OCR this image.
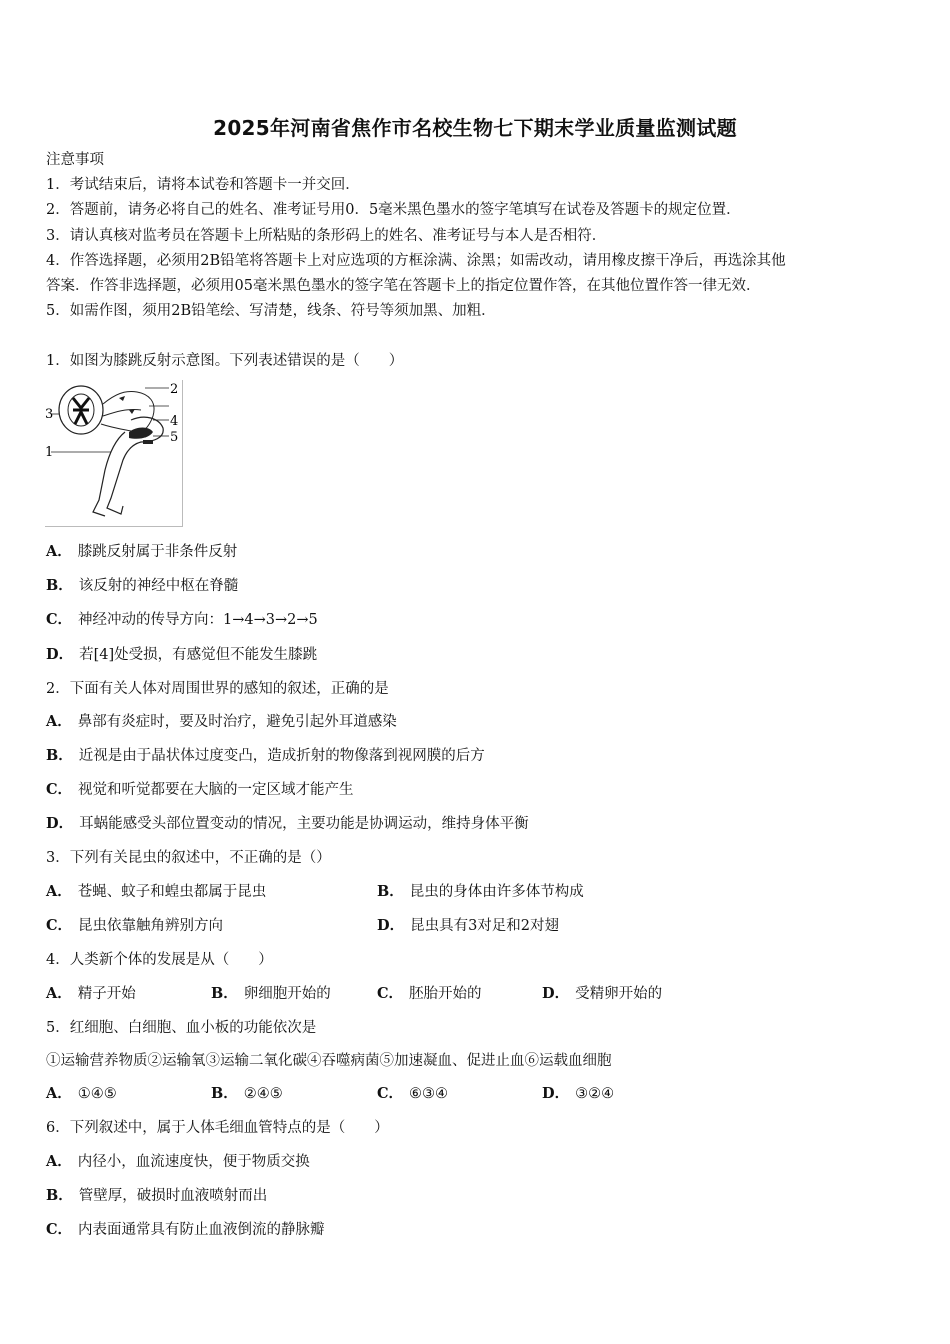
2025年河南省焦作市名校生物七下期末学业质量监测试题
注意事项
1．考试结束后，请将本试卷和答题卡一并交回．
2．答题前，请务必将自己的姓名、准考证号用0．5毫米黑色墨水的签字笔填写在试卷及答题卡的规定位置．
3．请认真核对监考员在答题卡上所粘贴的条形码上的姓名、准考证号与本人是否相符．
4．作答选择题，必须用2B铅笔将答题卡上对应选项的方框涂满、涂黑；如需改动，请用橡皮擦干净后，再选涂其他
答案．作答非选择题，必须用05毫米黑色墨水的签字笔在答题卡上的指定位置作答，在其他位置作答一律无效．
5．如需作图，须用2B铅笔绘、写清楚，线条、符号等须加黑、加粗．
1．如图为膝跳反射示意图。下列表述错误的是（　　）
1
2
3	4
5
A． 膝跳反射属于非条件反射
B． 该反射的神经中枢在脊髓
C． 神经冲动的传导方向：1→4→3→2→5
D． 若[4]处受损，有感觉但不能发生膝跳
2．下面有关人体对周围世界的感知的叙述，正确的是
A． 鼻部有炎症时，要及时治疗，避免引起外耳道感染
B． 近视是由于晶状体过度变凸，造成折射的物像落到视网膜的后方
C． 视觉和听觉都要在大脑的一定区域才能产生
D． 耳蜗能感受头部位置变动的情况，主要功能是协调运动，维持身体平衡
3．下列有关昆虫的叙述中，不正确的是（）
A． 苍蝇、蚊子和蝗虫都属于昆虫	B． 昆虫的身体由许多体节构成
C． 昆虫依靠触角辨别方向	D． 昆虫具有3对足和2对翅
4．人类新个体的发展是从（　　）
A． 精子开始	B． 卵细胞开始的	C． 胚胎开始的	D． 受精卵开始的
5．红细胞、白细胞、血小板的功能依次是
①运输营养物质②运输氧③运输二氧化碳④吞噬病菌⑤加速凝血、促进止血⑥运载血细胞
A． ①④⑤	B． ②④⑤	C． ⑥③④	D． ③②④
6．下列叙述中，属于人体毛细血管特点的是（　　）
A． 内径小，血流速度快，便于物质交换
B． 管壁厚，破损时血液喷射而出
C． 内表面通常具有防止血液倒流的静脉瓣
